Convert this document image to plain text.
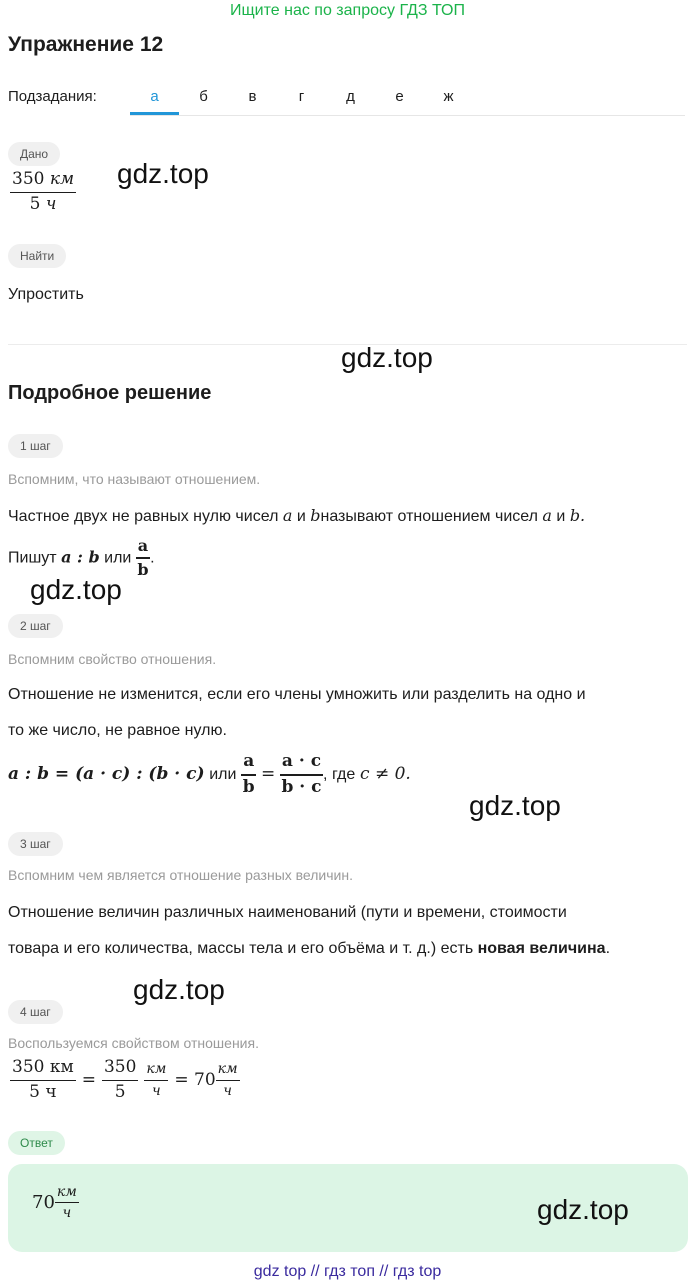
Ищите нас по запросу ГДЗ ТОП
Упражнение 12
Подзадания:	а	б	в	г	д	е	ж
Дано
$\frac{350 км}{5 ч} gdz.top$
Найти
Упростить
gdz.top
Подробное решение
1 шаг
Вспомним, что называют отношением.
Частное двух не равных нулю чисел a и bназывают отношением чисел a и b.
Пишут a : b или $\frac{a}{b}$ .
gdz.top
2 шаг
Вспомним свойство отношения.
Отношение не изменится, если его члены умножить или разделить на одно и
то же число, не равное нулю.
a : b = (a · c) : (b · c) или $\frac{a}{b} = \frac{a \cdot c}{b \cdot c}$ , где c ≠ 0.
gdz.top
3 шаг
Вспомним чем является отношение разных величин.
Отношение величин различных наименований (пути и времени, стоимости
товара и его количества, массы тела и его объёма и т. д.) есть новая величина.
gdz.top
4 шаг
Воспользуемся свойством отношения.
$\frac{350 км}{5 ч} = \frac{350}{5} \frac{км}{ч} = 70 \frac{км}{ч}$
Ответ
$70 \frac{км}{ч}$	gdz.top
gdz top // гдз топ // гдз top
